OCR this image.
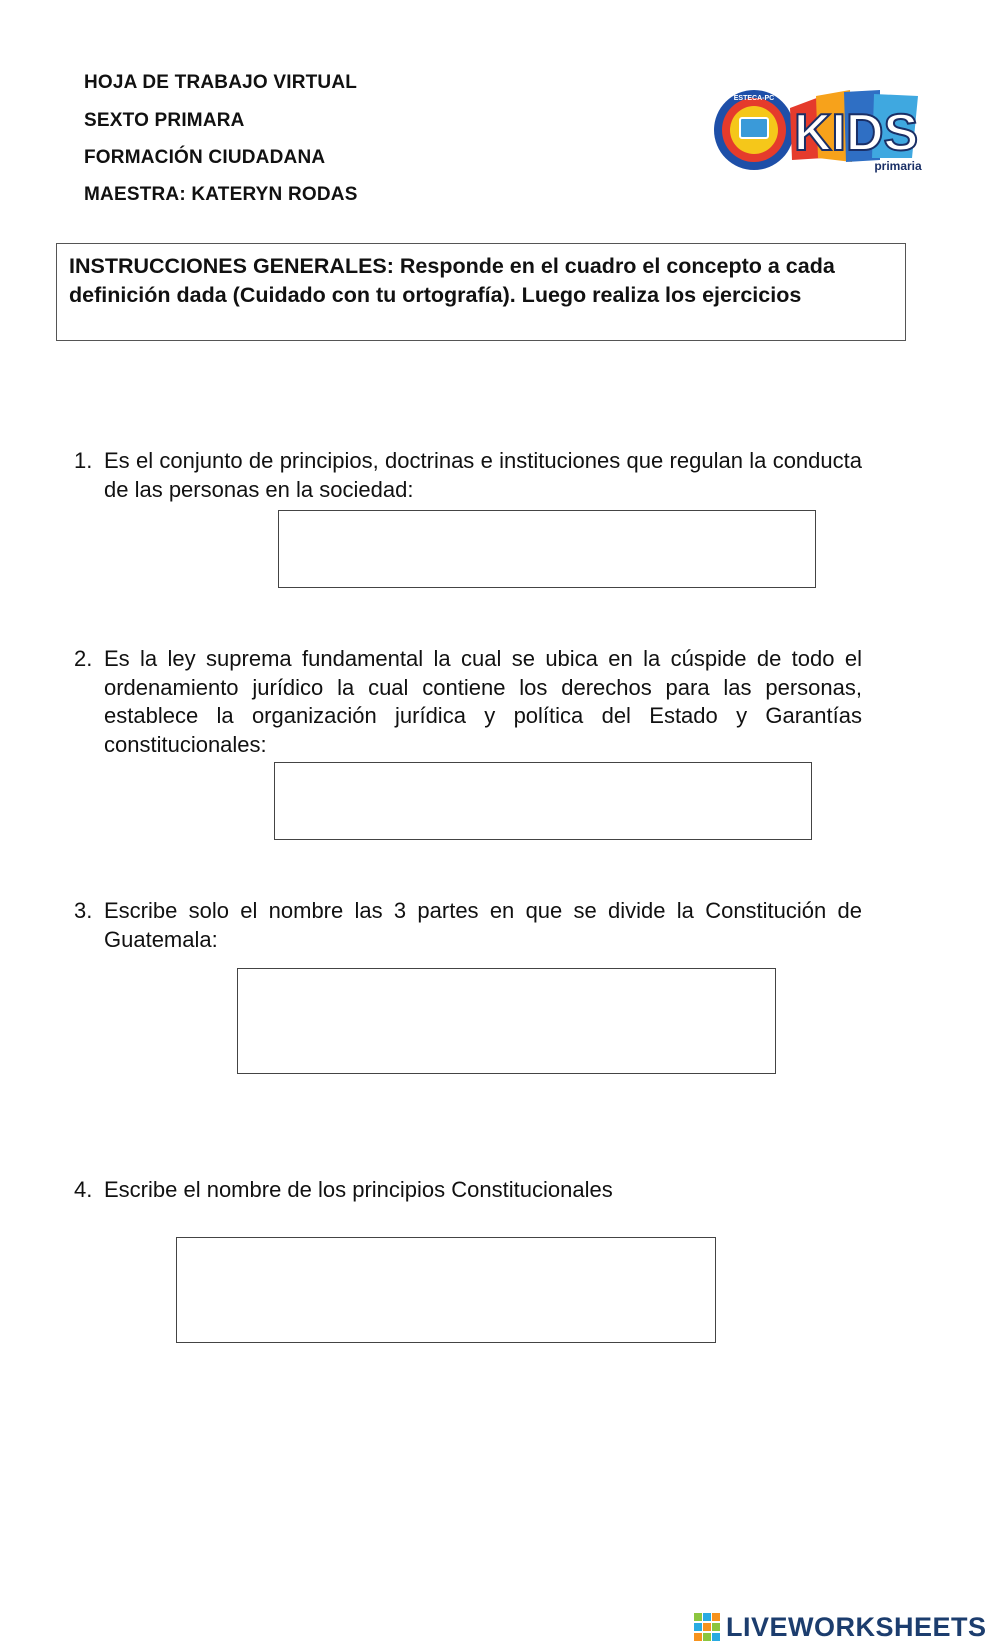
HOJA DE TRABAJO VIRTUAL
SEXTO PRIMARA
FORMACIÓN CIUDADANA
MAESTRA: KATERYN RODAS
ESTECA-PC
KIDS
primaria
INSTRUCCIONES GENERALES: Responde en el cuadro el concepto a cada definición dada (Cuidado con tu ortografía). Luego realiza los ejercicios
1. Es el conjunto de principios, doctrinas e instituciones que regulan la conducta de las personas en la sociedad:
2. Es la ley suprema fundamental la cual se ubica en la cúspide de todo el ordenamiento jurídico la cual contiene los derechos para las personas, establece la organización jurídica y política del Estado y Garantías constitucionales:
3. Escribe solo el nombre las 3 partes en que se divide la Constitución de Guatemala:
4. Escribe el nombre de los principios Constitucionales
LIVEWORKSHEETS
